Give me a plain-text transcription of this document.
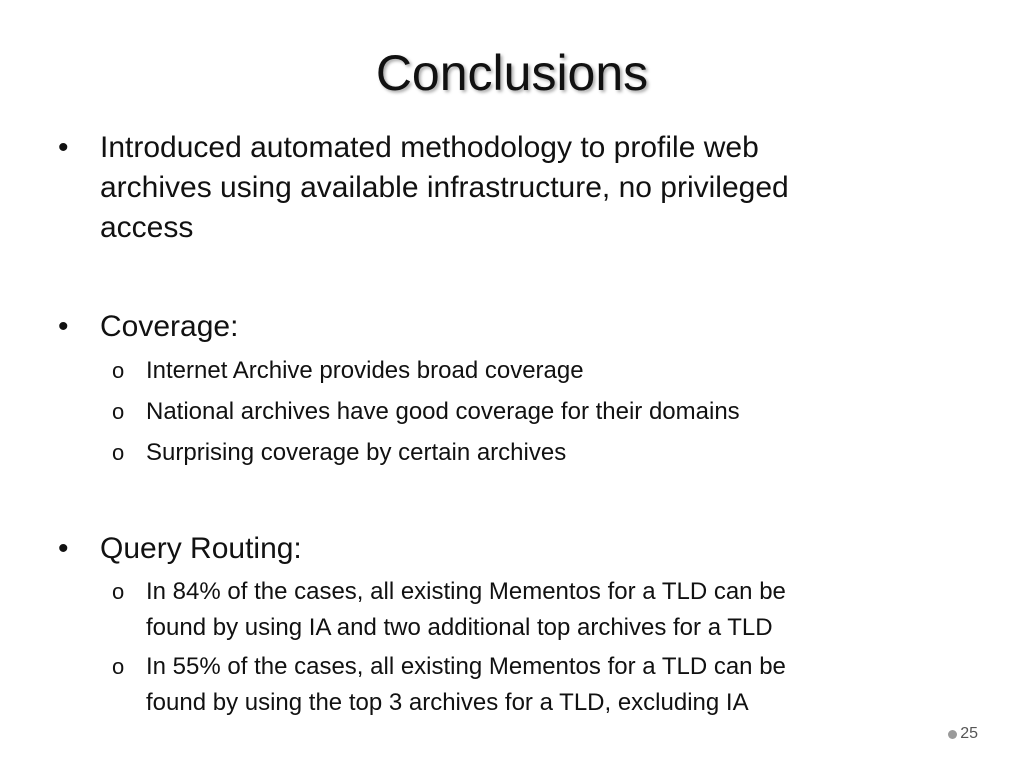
Conclusions
•	Introduced automated methodology to profile web
archives using available infrastructure, no privileged
access
•	Coverage:
o Internet Archive provides broad coverage
o National archives have good coverage for their domains
o Surprising coverage by certain archives
•	Query Routing:
o In 84% of the cases, all existing Mementos for a TLD can be
found by using IA and two additional top archives for a TLD
o In 55% of the cases, all existing Mementos for a TLD can be
found by using the top 3 archives for a TLD, excluding IA
25
